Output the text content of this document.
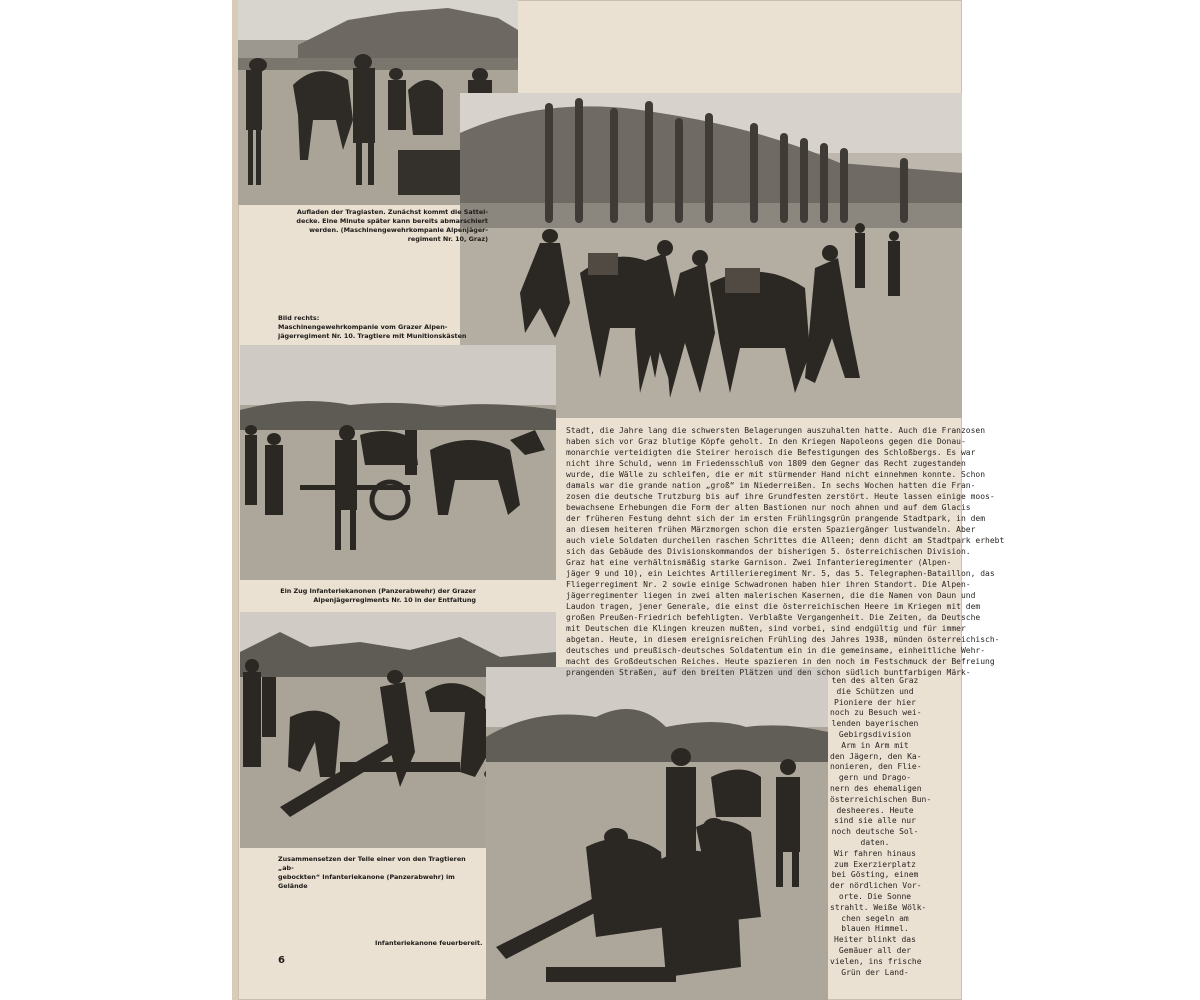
Aufladen der Traglasten. Zunächst kommt die Sattel-

decke. Eine Minute später kann bereits abmarschiert

werden. (Maschinengewehrkompanie Alpenjäger-

regiment Nr. 10, Graz)

Bild rechts:

Maschinengewehrkompanie vom Grazer Alpen-

jägerregiment Nr. 10. Tragtiere mit Munitionskästen

Ein Zug Infanteriekanonen (Panzerabwehr) der Grazer

Alpenjägerregiments Nr. 10 in der Entfaltung

Zusammensetzen der Teile einer von den Tragtieren „ab-

gebockten“ Infanteriekanone (Panzerabwehr) im Gelände

Infanteriekanone feuerbereit.

Stadt, die Jahre lang die schwersten Belagerungen auszuhalten hatte. Auch die Franzosen
haben sich vor Graz blutige Köpfe geholt. In den Kriegen Napoleons gegen die Donau-
monarchie verteidigten die Steirer heroisch die Befestigungen des Schloßbergs. Es war
nicht ihre Schuld, wenn im Friedensschluß von 1809 dem Gegner das Recht zugestanden
wurde, die Wälle zu schleifen, die er mit stürmender Hand nicht einnehmen konnte. Schon
damals war die grande nation „groß“ im Niederreißen. In sechs Wochen hatten die Fran-
zosen die deutsche Trutzburg bis auf ihre Grundfesten zerstört. Heute lassen einige moos-
bewachsene Erhebungen die Form der alten Bastionen nur noch ahnen und auf dem Glacis
der früheren Festung dehnt sich der im ersten Frühlingsgrün prangende Stadtpark, in dem
an diesem heiteren frühen Märzmorgen schon die ersten Spaziergänger lustwandeln. Aber
auch viele Soldaten durcheilen raschen Schrittes die Alleen; denn dicht am Stadtpark erhebt
sich das Gebäude des Divisionskommandos der bisherigen 5. österreichischen Division.
Graz hat eine verhältnismäßig starke Garnison. Zwei Infanterieregimenter (Alpen-
jäger 9 und 10), ein Leichtes Artillerieregiment Nr. 5, das 5. Telegraphen-Bataillon, das
Fliegerregiment Nr. 2 sowie einige Schwadronen haben hier ihren Standort. Die Alpen-
jägerregimenter liegen in zwei alten malerischen Kasernen, die die Namen von Daun und
Laudon tragen, jener Generale, die einst die österreichischen Heere im Kriegen mit dem
großen Preußen-Friedrich befehligten. Verblaßte Vergangenheit. Die Zeiten, da Deutsche
mit Deutschen die Klingen kreuzen mußten, sind vorbei, sind endgültig und für immer
abgetan. Heute, in diesem ereignisreichen Frühling des Jahres 1938, münden österreichisch-
deutsches und preußisch-deutsches Soldatentum ein in die gemeinsame, einheitliche Wehr-
macht des Großdeutschen Reiches. Heute spazieren in den noch im Festschmuck der Befreiung
prangenden Straßen, auf den breiten Plätzen und den schon südlich buntfarbigen Märk-
ten des alten Graz
die Schützen und
Pioniere der hier
noch zu Besuch wei-
lenden bayerischen
Gebirgsdivision
Arm in Arm mit
den Jägern, den Ka-
nonieren, den Flie-
gern und Drago-
nern des ehemaligen
österreichischen Bun-
desheeres. Heute
sind sie alle nur
noch deutsche Sol-
daten.
Wir fahren hinaus
zum Exerzierplatz
bei Gösting, einem
der nördlichen Vor-
orte. Die Sonne
strahlt. Weiße Wölk-
chen segeln am
blauen Himmel.
Heiter blinkt das
Gemäuer all der
vielen, ins frische
Grün der Land-
6
